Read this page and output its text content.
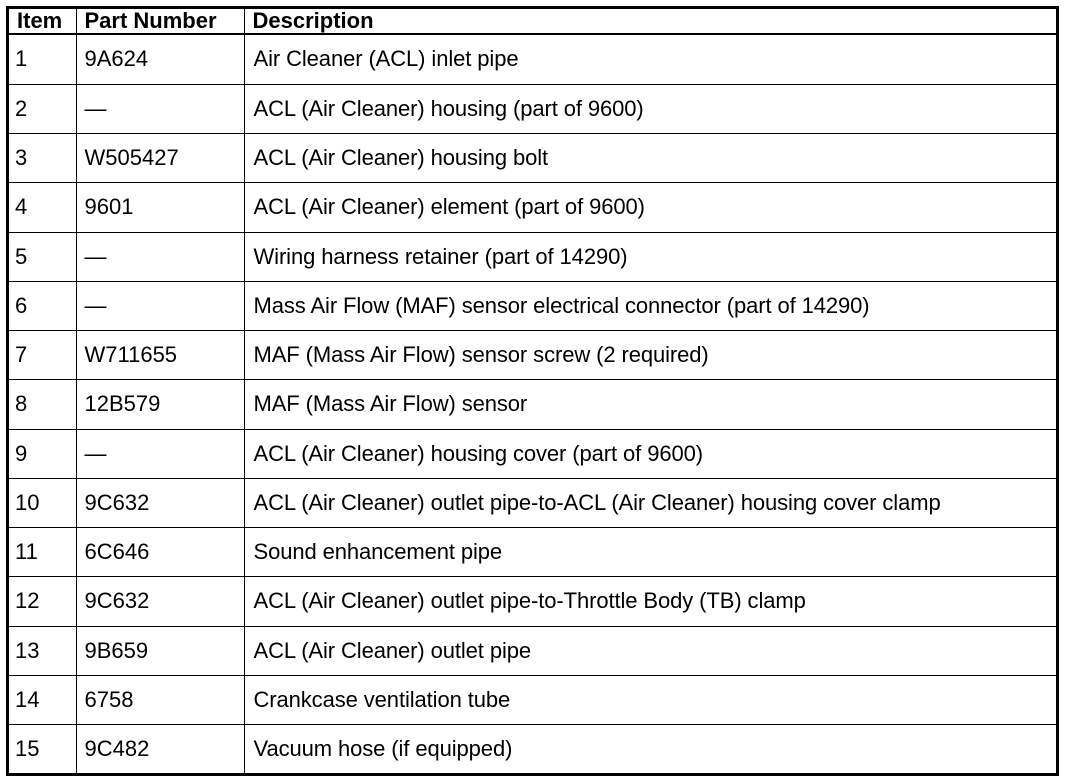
Item	Part Number	Description
1	9A624	Air Cleaner (ACL) inlet pipe
2	—	ACL (Air Cleaner) housing (part of 9600)
3	W505427	ACL (Air Cleaner) housing bolt
4	9601	ACL (Air Cleaner) element (part of 9600)
5	—	Wiring harness retainer (part of 14290)
6	—	Mass Air Flow (MAF) sensor electrical connector (part of 14290)
7	W711655	MAF (Mass Air Flow) sensor screw (2 required)
8	12B579	MAF (Mass Air Flow) sensor
9	—	ACL (Air Cleaner) housing cover (part of 9600)
10	9C632	ACL (Air Cleaner) outlet pipe-to-ACL (Air Cleaner) housing cover clamp
11	6C646	Sound enhancement pipe
12	9C632	ACL (Air Cleaner) outlet pipe-to-Throttle Body (TB) clamp
13	9B659	ACL (Air Cleaner) outlet pipe
14	6758	Crankcase ventilation tube
15	9C482	Vacuum hose (if equipped)
